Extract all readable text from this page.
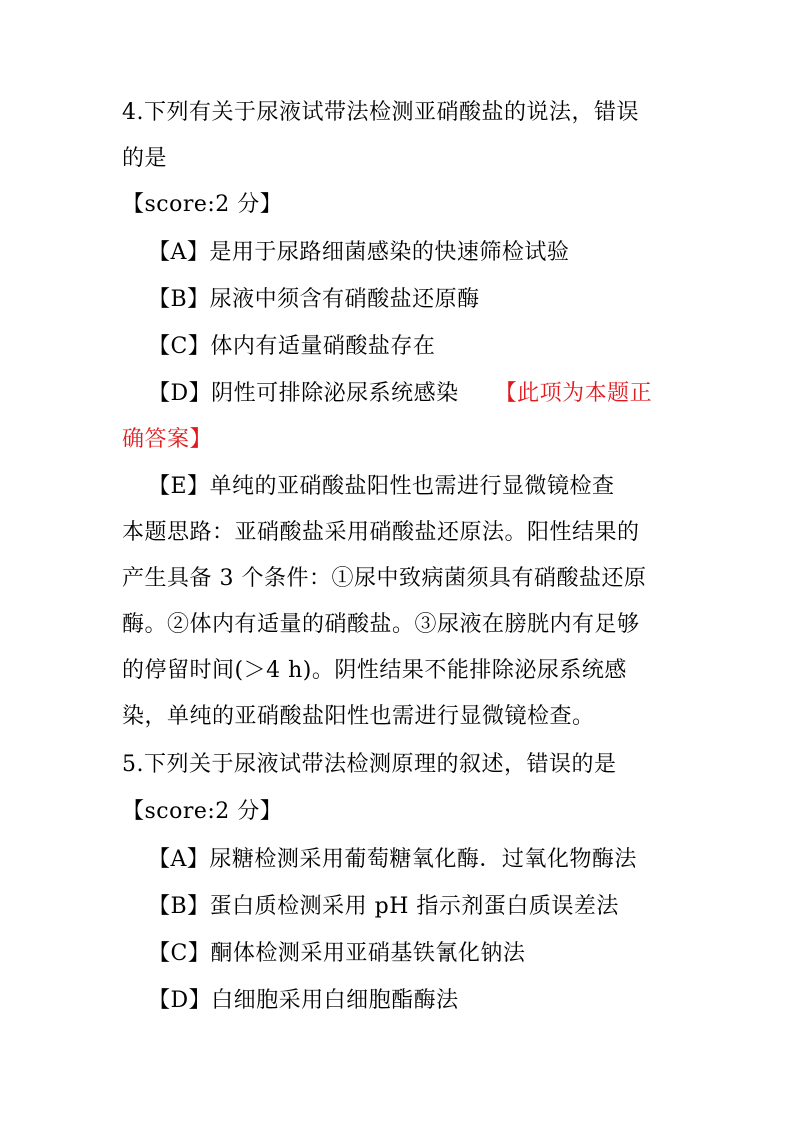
4.下列有关于尿液试带法检测亚硝酸盐的说法，错误
的是
【score:2 分】
【A】是用于尿路细菌感染的快速筛检试验
【B】尿液中须含有硝酸盐还原酶
【C】体内有适量硝酸盐存在
【D】阴性可排除泌尿系统感染 【此项为本题正
确答案】
【E】单纯的亚硝酸盐阳性也需进行显微镜检查
本题思路：亚硝酸盐采用硝酸盐还原法。阳性结果的
产生具备 3 个条件：①尿中致病菌须具有硝酸盐还原
酶。②体内有适量的硝酸盐。③尿液在膀胱内有足够
的停留时间(＞4 h)。阴性结果不能排除泌尿系统感
染，单纯的亚硝酸盐阳性也需进行显微镜检查。
5.下列关于尿液试带法检测原理的叙述，错误的是
【score:2 分】
【A】尿糖检测采用葡萄糖氧化酶．过氧化物酶法
【B】蛋白质检测采用 pH 指示剂蛋白质误差法
【C】酮体检测采用亚硝基铁氰化钠法
【D】白细胞采用白细胞酯酶法
